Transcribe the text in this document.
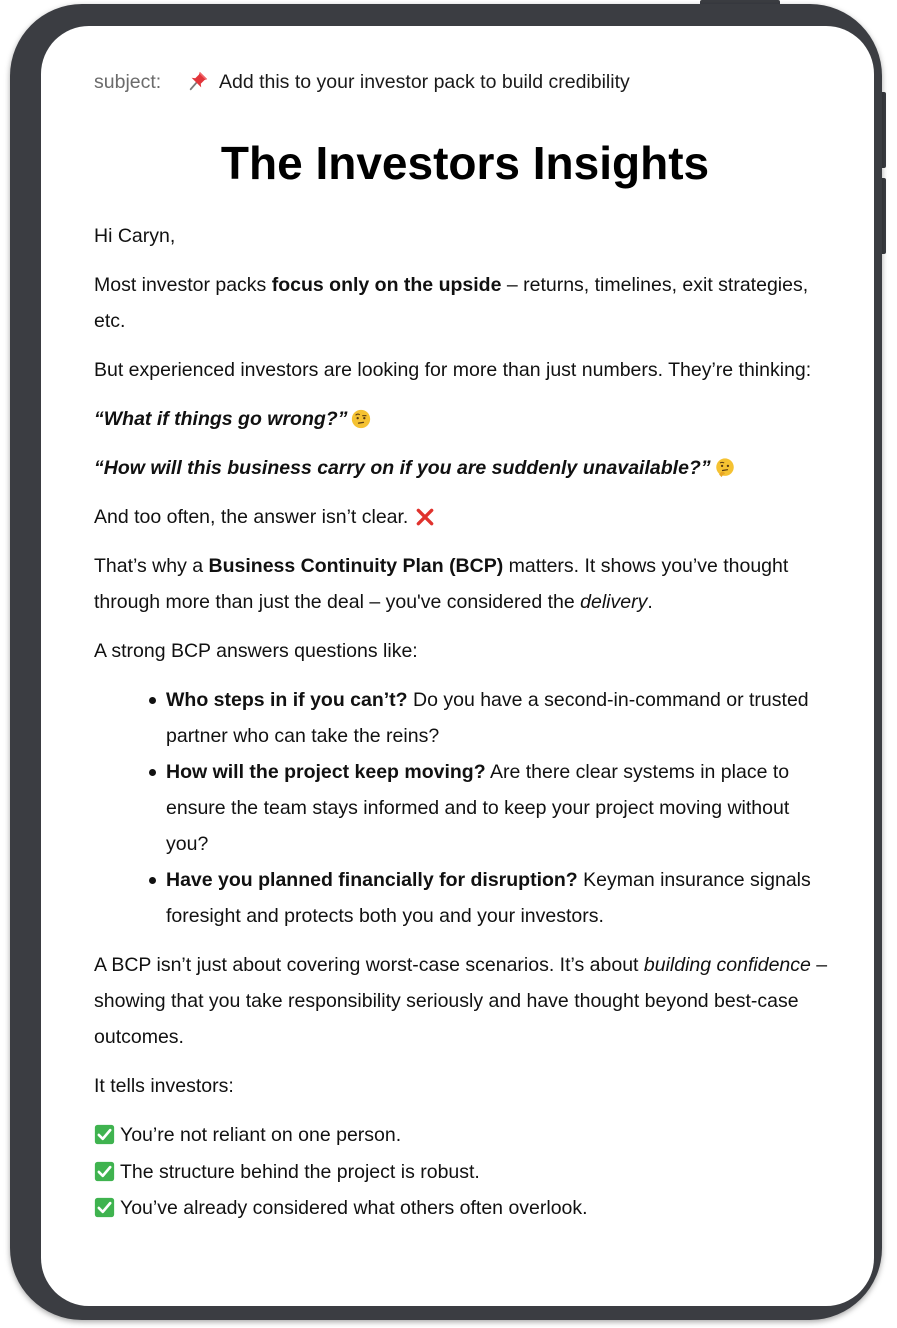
subject:	Add this to your investor pack to build credibility
The Investors Insights

Hi Caryn,

Most investor packs focus only on the upside – returns, timelines, exit strategies, etc.

But experienced investors are looking for more than just numbers. They’re thinking:

“What if things go wrong?”

“How will this business carry on if you are suddenly unavailable?”

And too often, the answer isn’t clear.

That’s why a Business Continuity Plan (BCP) matters. It shows you’ve thought through more than just the deal – you've considered the delivery.

A strong BCP answers questions like:

Who steps in if you can’t? Do you have a second-in-command or trusted partner who can take the reins?
How will the project keep moving? Are there clear systems in place to ensure the team stays informed and to keep your project moving without you?
Have you planned financially for disruption? Keyman insurance signals foresight and protects both you and your investors.

A BCP isn’t just about covering worst-case scenarios. It’s about building confidence – showing that you take responsibility seriously and have thought beyond best-case outcomes.

It tells investors:

You’re not reliant on one person.
The structure behind the project is robust.
You’ve already considered what others often overlook.
